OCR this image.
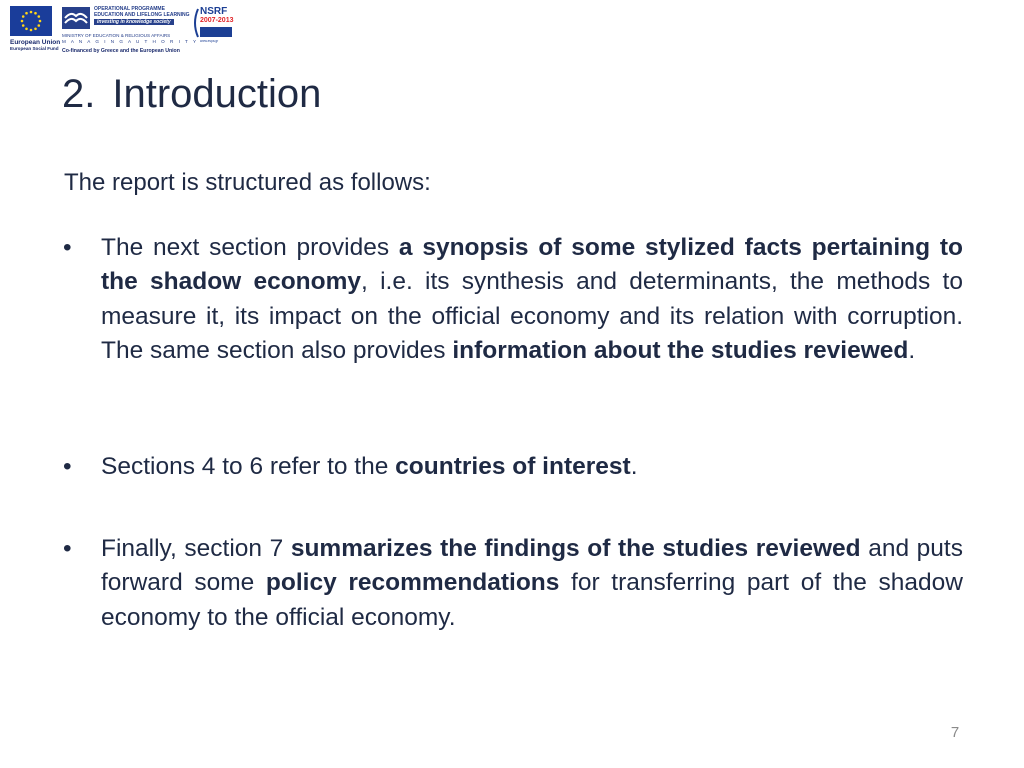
European Union
European Social Fund
OPERATIONAL PROGRAMME
EDUCATION AND LIFELONG LEARNING
investing in knowledge society
MINISTRY OF EDUCATION & RELIGIOUS AFFAIRS
M A N A G I N G A U T H O R I T Y
Co-financed by Greece and the European Union
NSRF
2007-2013
www.espa.gr
2. Introduction

The report is structured as follows:

• The next section provides a synopsis of some stylized facts pertaining to the shadow economy, i.e. its synthesis and determinants, the methods to measure it, its impact on the official economy and its relation with corruption. The same section also provides information about the studies reviewed.

• Sections 4 to 6 refer to the countries of interest.

• Finally, section 7 summarizes the findings of the studies reviewed and puts forward some policy recommendations for transferring part of the shadow economy to the official economy.

7
